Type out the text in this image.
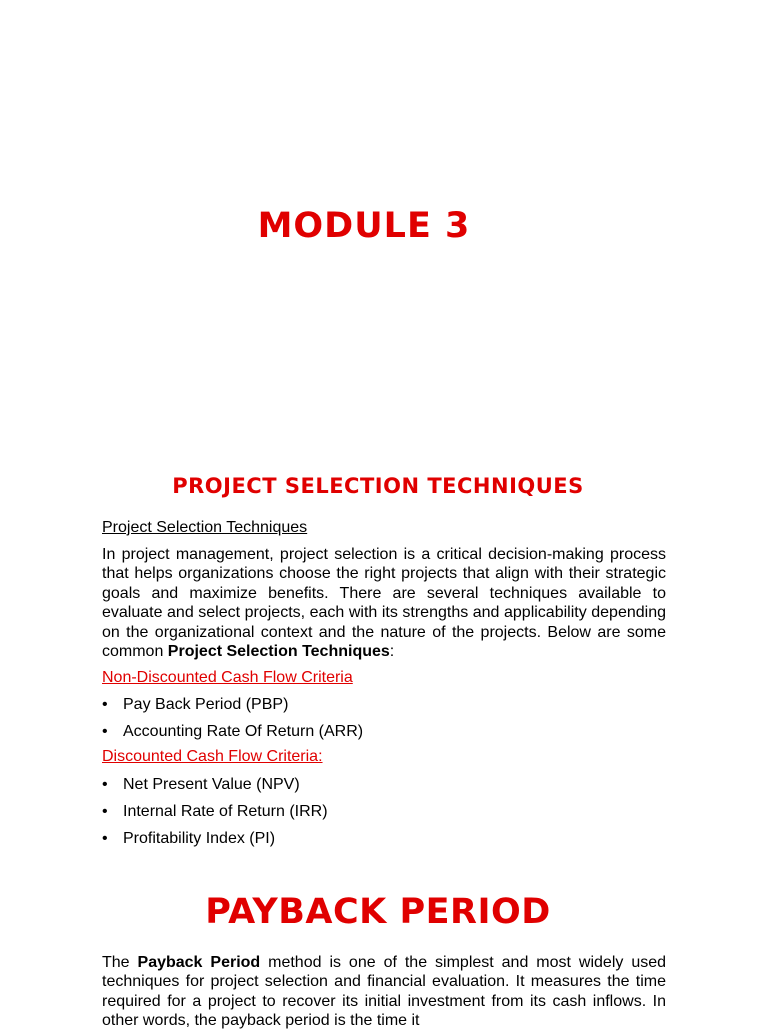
MODULE 3
PROJECT SELECTION TECHNIQUES
Project Selection Techniques
In project management, project selection is a critical decision-making process that helps organizations choose the right projects that align with their strategic goals and maximize benefits. There are several techniques available to evaluate and select projects, each with its strengths and applicability depending on the organizational context and the nature of the projects. Below are some common Project Selection Techniques:
Non-Discounted Cash Flow Criteria
• Pay Back Period (PBP)
• Accounting Rate Of Return (ARR)
Discounted Cash Flow Criteria:
• Net Present Value (NPV)
• Internal Rate of Return (IRR)
• Profitability Index (PI)
PAYBACK PERIOD
The Payback Period method is one of the simplest and most widely used techniques for project selection and financial evaluation. It measures the time required for a project to recover its initial investment from its cash inflows. In other words, the payback period is the time it
